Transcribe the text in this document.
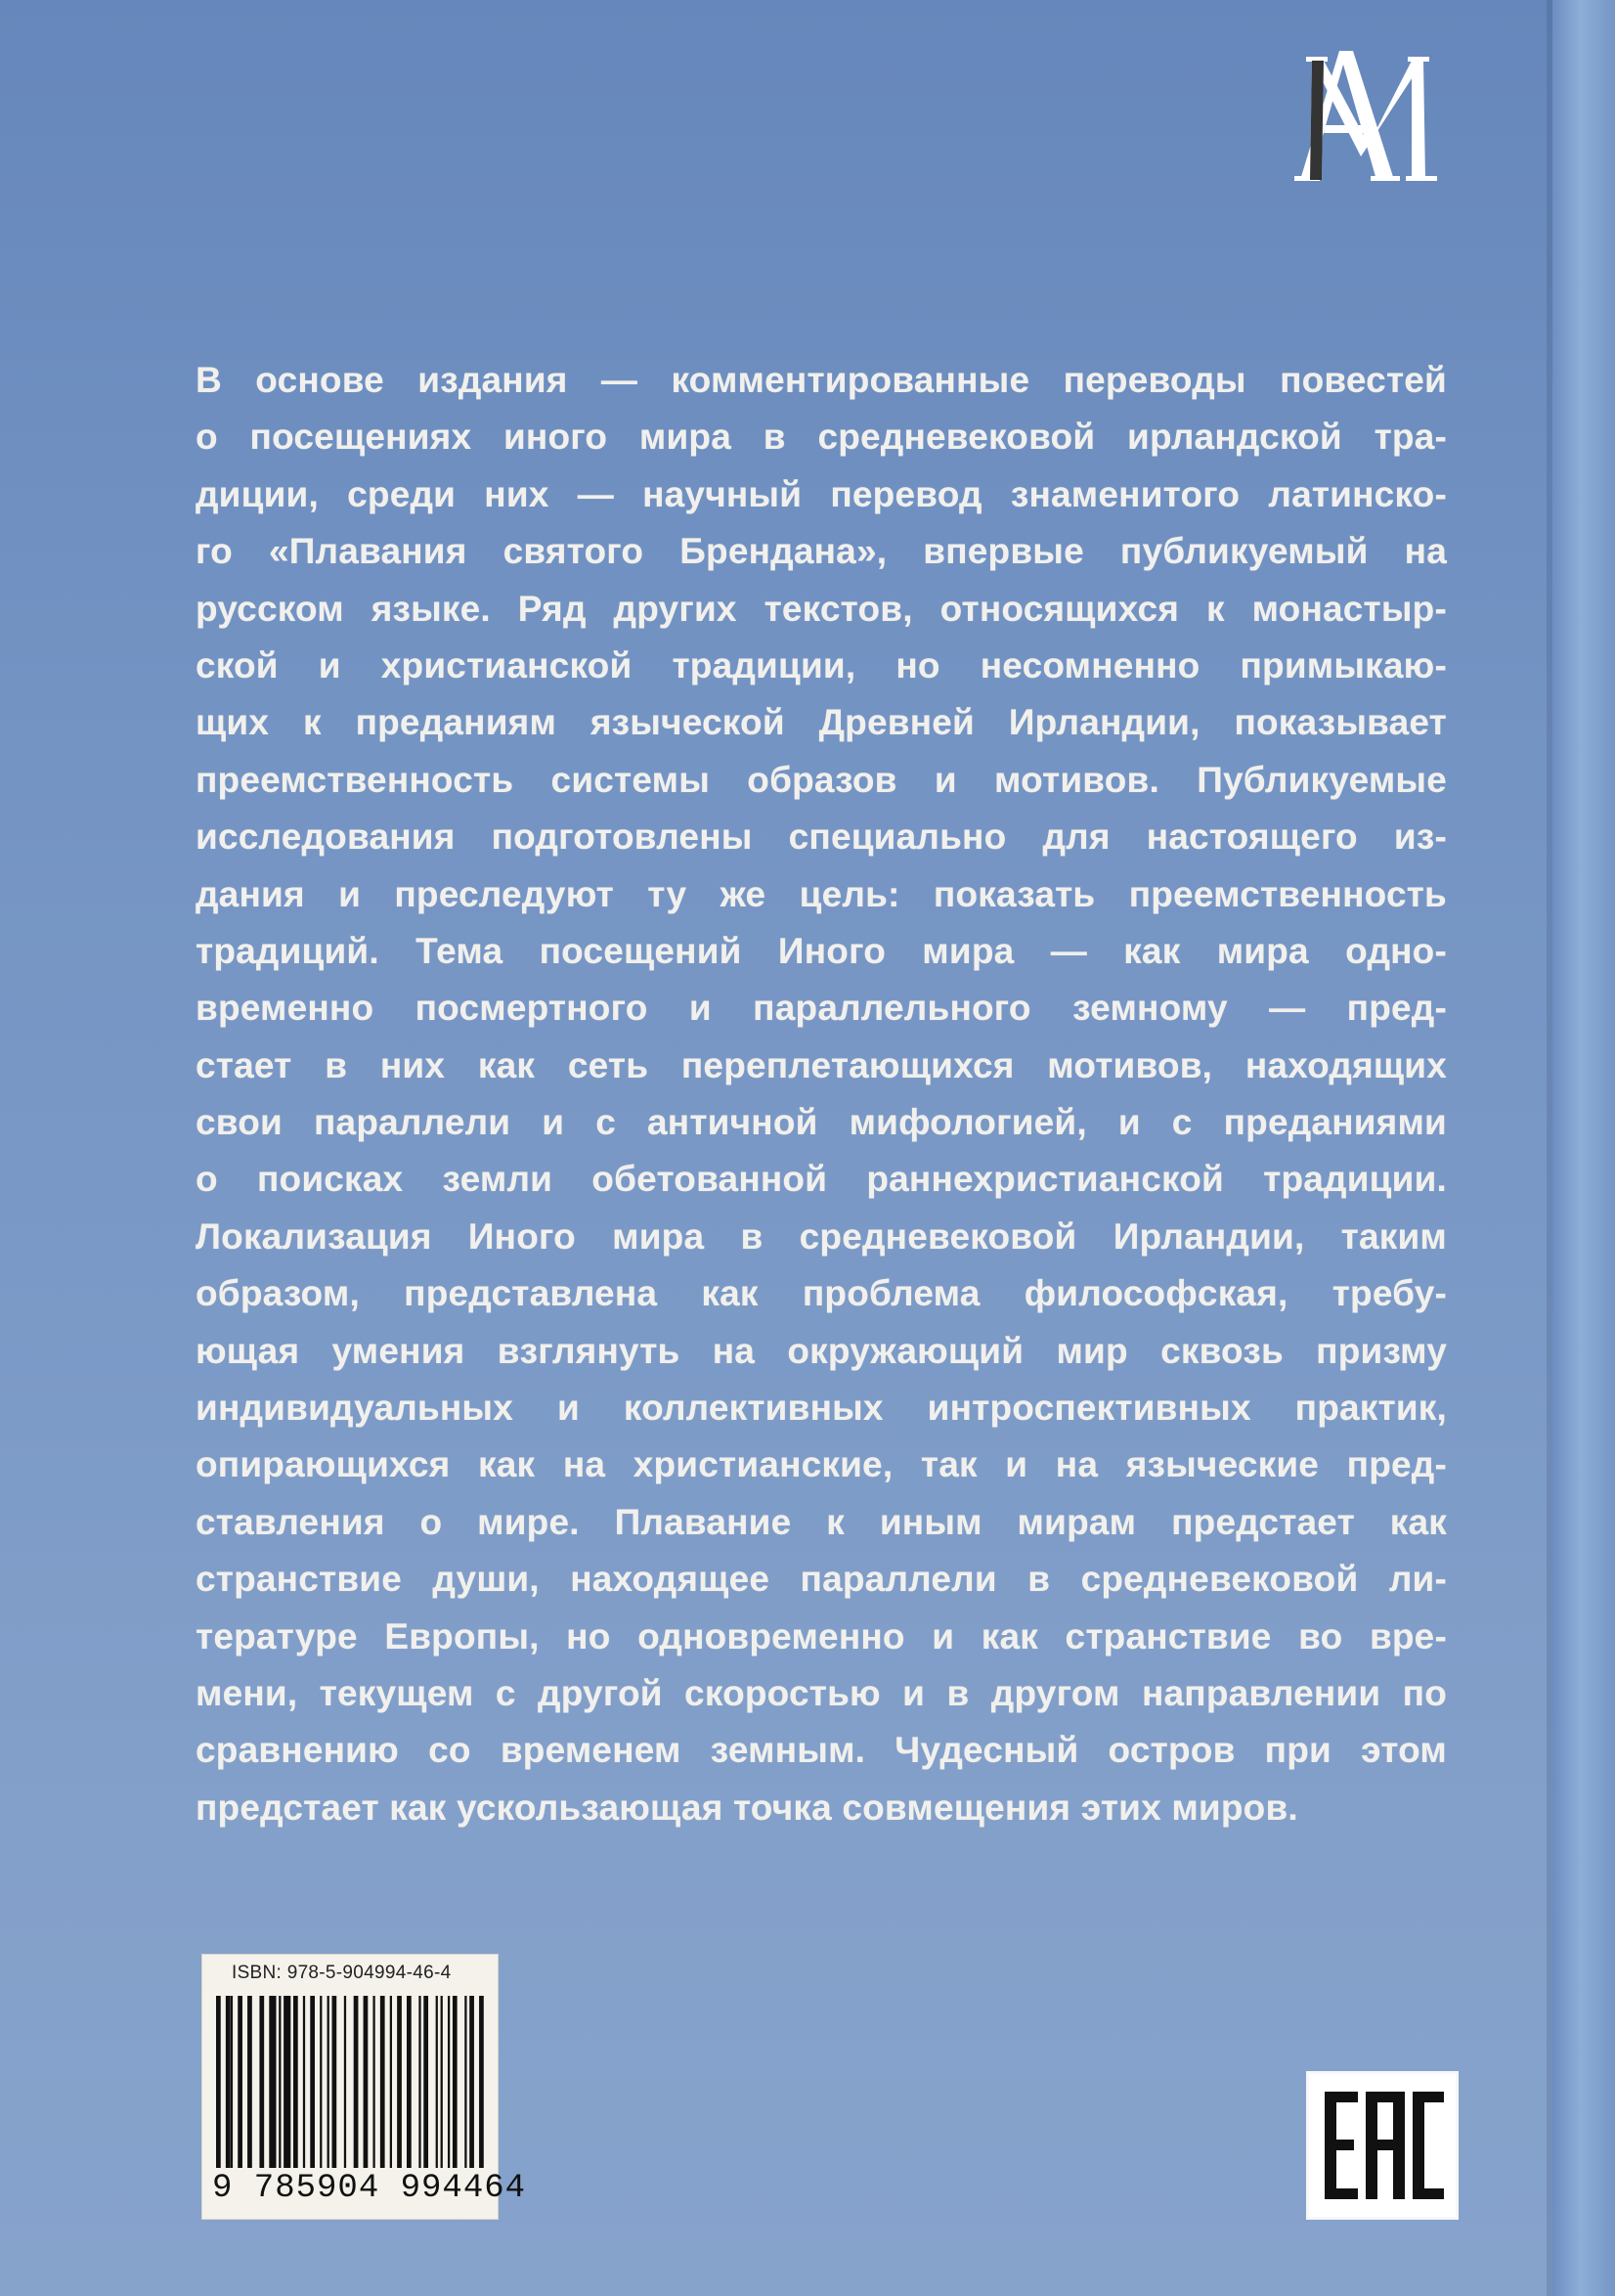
В основе издания — комментированные переводы повестей
о посещениях иного мира в средневековой ирландской тра-
диции, среди них — научный перевод знаменитого латинско-
го «Плавания святого Брендана», впервые публикуемый на
русском языке. Ряд других текстов, относящихся к монастыр-
ской и христианской традиции, но несомненно примыкаю-
щих к преданиям языческой Древней Ирландии, показывает
преемственность системы образов и мотивов. Публикуемые
исследования подготовлены специально для настоящего из-
дания и преследуют ту же цель: показать преемственность
традиций. Тема посещений Иного мира — как мира одно-
временно посмертного и параллельного земному — пред-
стает в них как сеть переплетающихся мотивов, находящих
свои параллели и с античной мифологией, и с преданиями
о поисках земли обетованной раннехристианской традиции.
Локализация Иного мира в средневековой Ирландии, таким
образом, представлена как проблема философская, требу-
ющая умения взглянуть на окружающий мир сквозь призму
индивидуальных и коллективных интроспективных практик,
опирающихся как на христианские, так и на языческие пред-
ставления о мире. Плавание к иным мирам предстает как
странствие души, находящее параллели в средневековой ли-
тературе Европы, но одновременно и как странствие во вре-
мени, текущем с другой скоростью и в другом направлении по
сравнению со временем земным. Чудесный остров при этом
предстает как ускользающая точка совмещения этих миров.
ISBN: 978-5-904994-46-4
9 785904 994464
